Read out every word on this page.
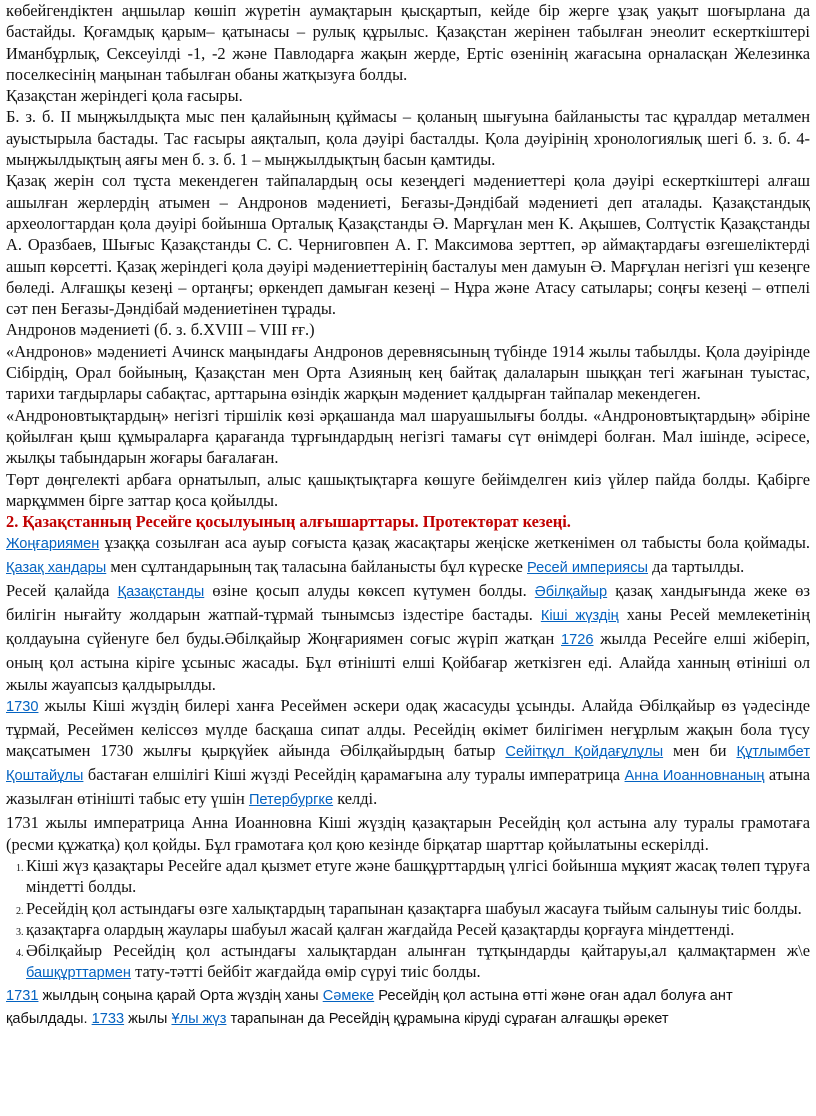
көбейгендіктен аңшылар көшіп жүретін аумақтарын қысқартып, кейде бір жерге ұзақ уақыт шоғырлана да бастайды. Қоғамдық қарым– қатынасы – рулық құрылыс. Қазақстан жерінен табылған энеолит ескерткіштері Иманбұрлық, Сексеуілді -1, -2 және Павлодарға жақын жерде, Ертіс өзенінің жағасына орналасқан Железинка поселкесінің маңынан табылған обаны жатқызуға болды.

Қазақстан жеріндегі қола ғасыры.

Б. з. б. II мыңжылдықта мыс пен қалайының құймасы – қоланың шығуына байланысты тас құралдар металмен ауыстырыла бастады. Тас ғасыры аяқталып, қола дәуірі басталды. Қола дәуірінің хронологиялық шегі б. з. б. 4- мыңжылдықтың аяғы мен б. з. б. 1 – мыңжылдықтың басын қамтиды.

Қазақ жерін сол тұста мекендеген тайпалардың осы кезеңдегі мәдениеттері қола дәуірі ескерткіштері алғаш ашылған жерлердің атымен – Андронов мәдениеті, Беғазы-Дәндібай мәдениеті деп аталады. Қазақстандық археологтардан қола дәуірі бойынша Орталық Қазақстанды Ә. Марғұлан мен К. Ақышев, Солтүстік Қазақстанды А. Оразбаев, Шығыс Қазақстанды С. С. Черниговпен А. Г. Максимова зерттеп, әр аймақтардағы өзгешеліктерді ашып көрсетті. Қазақ жеріндегі қола дәуірі мәдениеттерінің басталуы мен дамуын Ә. Марғұлан негізгі үш кезеңге бөледі. Алғашқы кезеңі – ортаңғы; өркендеп дамыған кезеңі – Нұра және Атасу сатылары; соңғы кезеңі – өтпелі сәт пен Беғазы-Дәндібай мәдениетінен тұрады.

Андронов мәдениеті (б. з. б.XVIII – VIII ғғ.)

«Андронов» мәдениеті Ачинск маңындағы Андронов деревнясының түбінде 1914 жылы табылды. Қола дәуірінде Сібірдің, Орал бойының, Қазақстан мен Орта Азияның кең байтақ далаларын шыққан тегі жағынан туыстас, тарихи тағдырлары сабақтас, арттарына өзіндік жарқын мәдениет қалдырған тайпалар мекендеген.

«Андроновтықтардың» негізгі тіршілік көзі әрқашанда мал шаруашылығы болды. «Андроновтықтардың» әбіріне қойылған қыш құмыраларға қарағанда тұрғындардың негізгі тамағы сүт өнімдері болған. Мал ішінде, әсіресе, жылқы табындарын жоғары бағалаған.

Төрт дөңгелекті арбаға орнатылып, алыс қашықтықтарға көшуге бейімделген киіз үйлер пайда болды. Қабірге марқұммен бірге заттар қоса қойылды.

2. Қазақстанның Ресейге қосылуының алғышарттары. Протектөрат кезеңі.

Жоңғариямен ұзаққа созылған аса ауыр соғыста қазақ жасақтары жеңіске жеткенімен ол табысты бола қоймады. Қазақ хандары мен сұлтандарының тақ таласына байланысты бұл күреске Ресей империясы да тартылды.

Ресей қалайда Қазақстанды өзіне қосып алуды көксеп күтумен болды. Әбілқайыр қазақ хандығында жеке өз билігін нығайту жолдарын жатпай-тұрмай тынымсыз іздестіре бастады. Кіші жүздің ханы Ресей мемлекетінің қолдауына сүйенуге бел буды.Әбілқайыр Жоңғариямен соғыс жүріп жатқан 1726 жылда Ресейге елші жіберіп, оның қол астына кіріге ұсыныс жасады. Бұл өтінішті елші Қойбағар жеткізген еді. Алайда ханның өтініші ол жылы жауапсыз қалдырылды.

1730 жылы Кіші жүздің билері ханға Ресеймен әскери одақ жасасуды ұсынды. Алайда Әбілқайыр өз үәдесінде тұрмай, Ресеймен келіссөз мүлде басқаша сипат алды. Ресейдің өкімет билігімен неғұрлым жақын бола түсу мақсатымен 1730 жылғы қырқүйек айында Әбілқайырдың батыр Сейітқұл Қойдағұлұлы мен би Құтлымбет Қоштайұлы бастаған елшілігі Кіші жүзді Ресейдің қарамағына алу туралы императрица Анна Иоанновнаның атына жазылған өтінішті табыс ету үшін Петербургке келді.

1731 жылы императрица Анна Иоанновна Кіші жүздің қазақтарын Ресейдің қол астына алу туралы грамотаға (ресми құжатқа) қол қойды. Бұл грамотаға қол қою кезінде бірқатар шарттар қойылатыны ескерілді.

1. Кіші жүз қазақтары Ресейге адал қызмет етуге және башқұрттардың үлгісі бойынша мұқият жасақ төлеп тұруға міндетті болды.
2. Ресейдің қол астындағы өзге халықтардың тарапынан қазақтарға шабуыл жасауға тыйым салынуы тиіс болды.
3. қазақтарға олардың жаулары шабуыл жасай қалған жағдайда Ресей қазақтарды қорғауға міндеттенді.
4. Әбілқайыр Ресейдің қол астындағы халықтардан алынған тұтқындарды қайтаруы,ал қалмақтармен ж\е башқұрттармен тату-тәтті бейбіт жағдайда өмір сүруі тиіс болды.

1731 жылдың соңына қарай Орта жүздің ханы Сәмеке Ресейдің қол астына өтті және оған адал болуға ант қабылдады. 1733 жылы Ұлы жүз тарапынан да Ресейдің құрамына кіруді сұраған алғашқы әрекет
